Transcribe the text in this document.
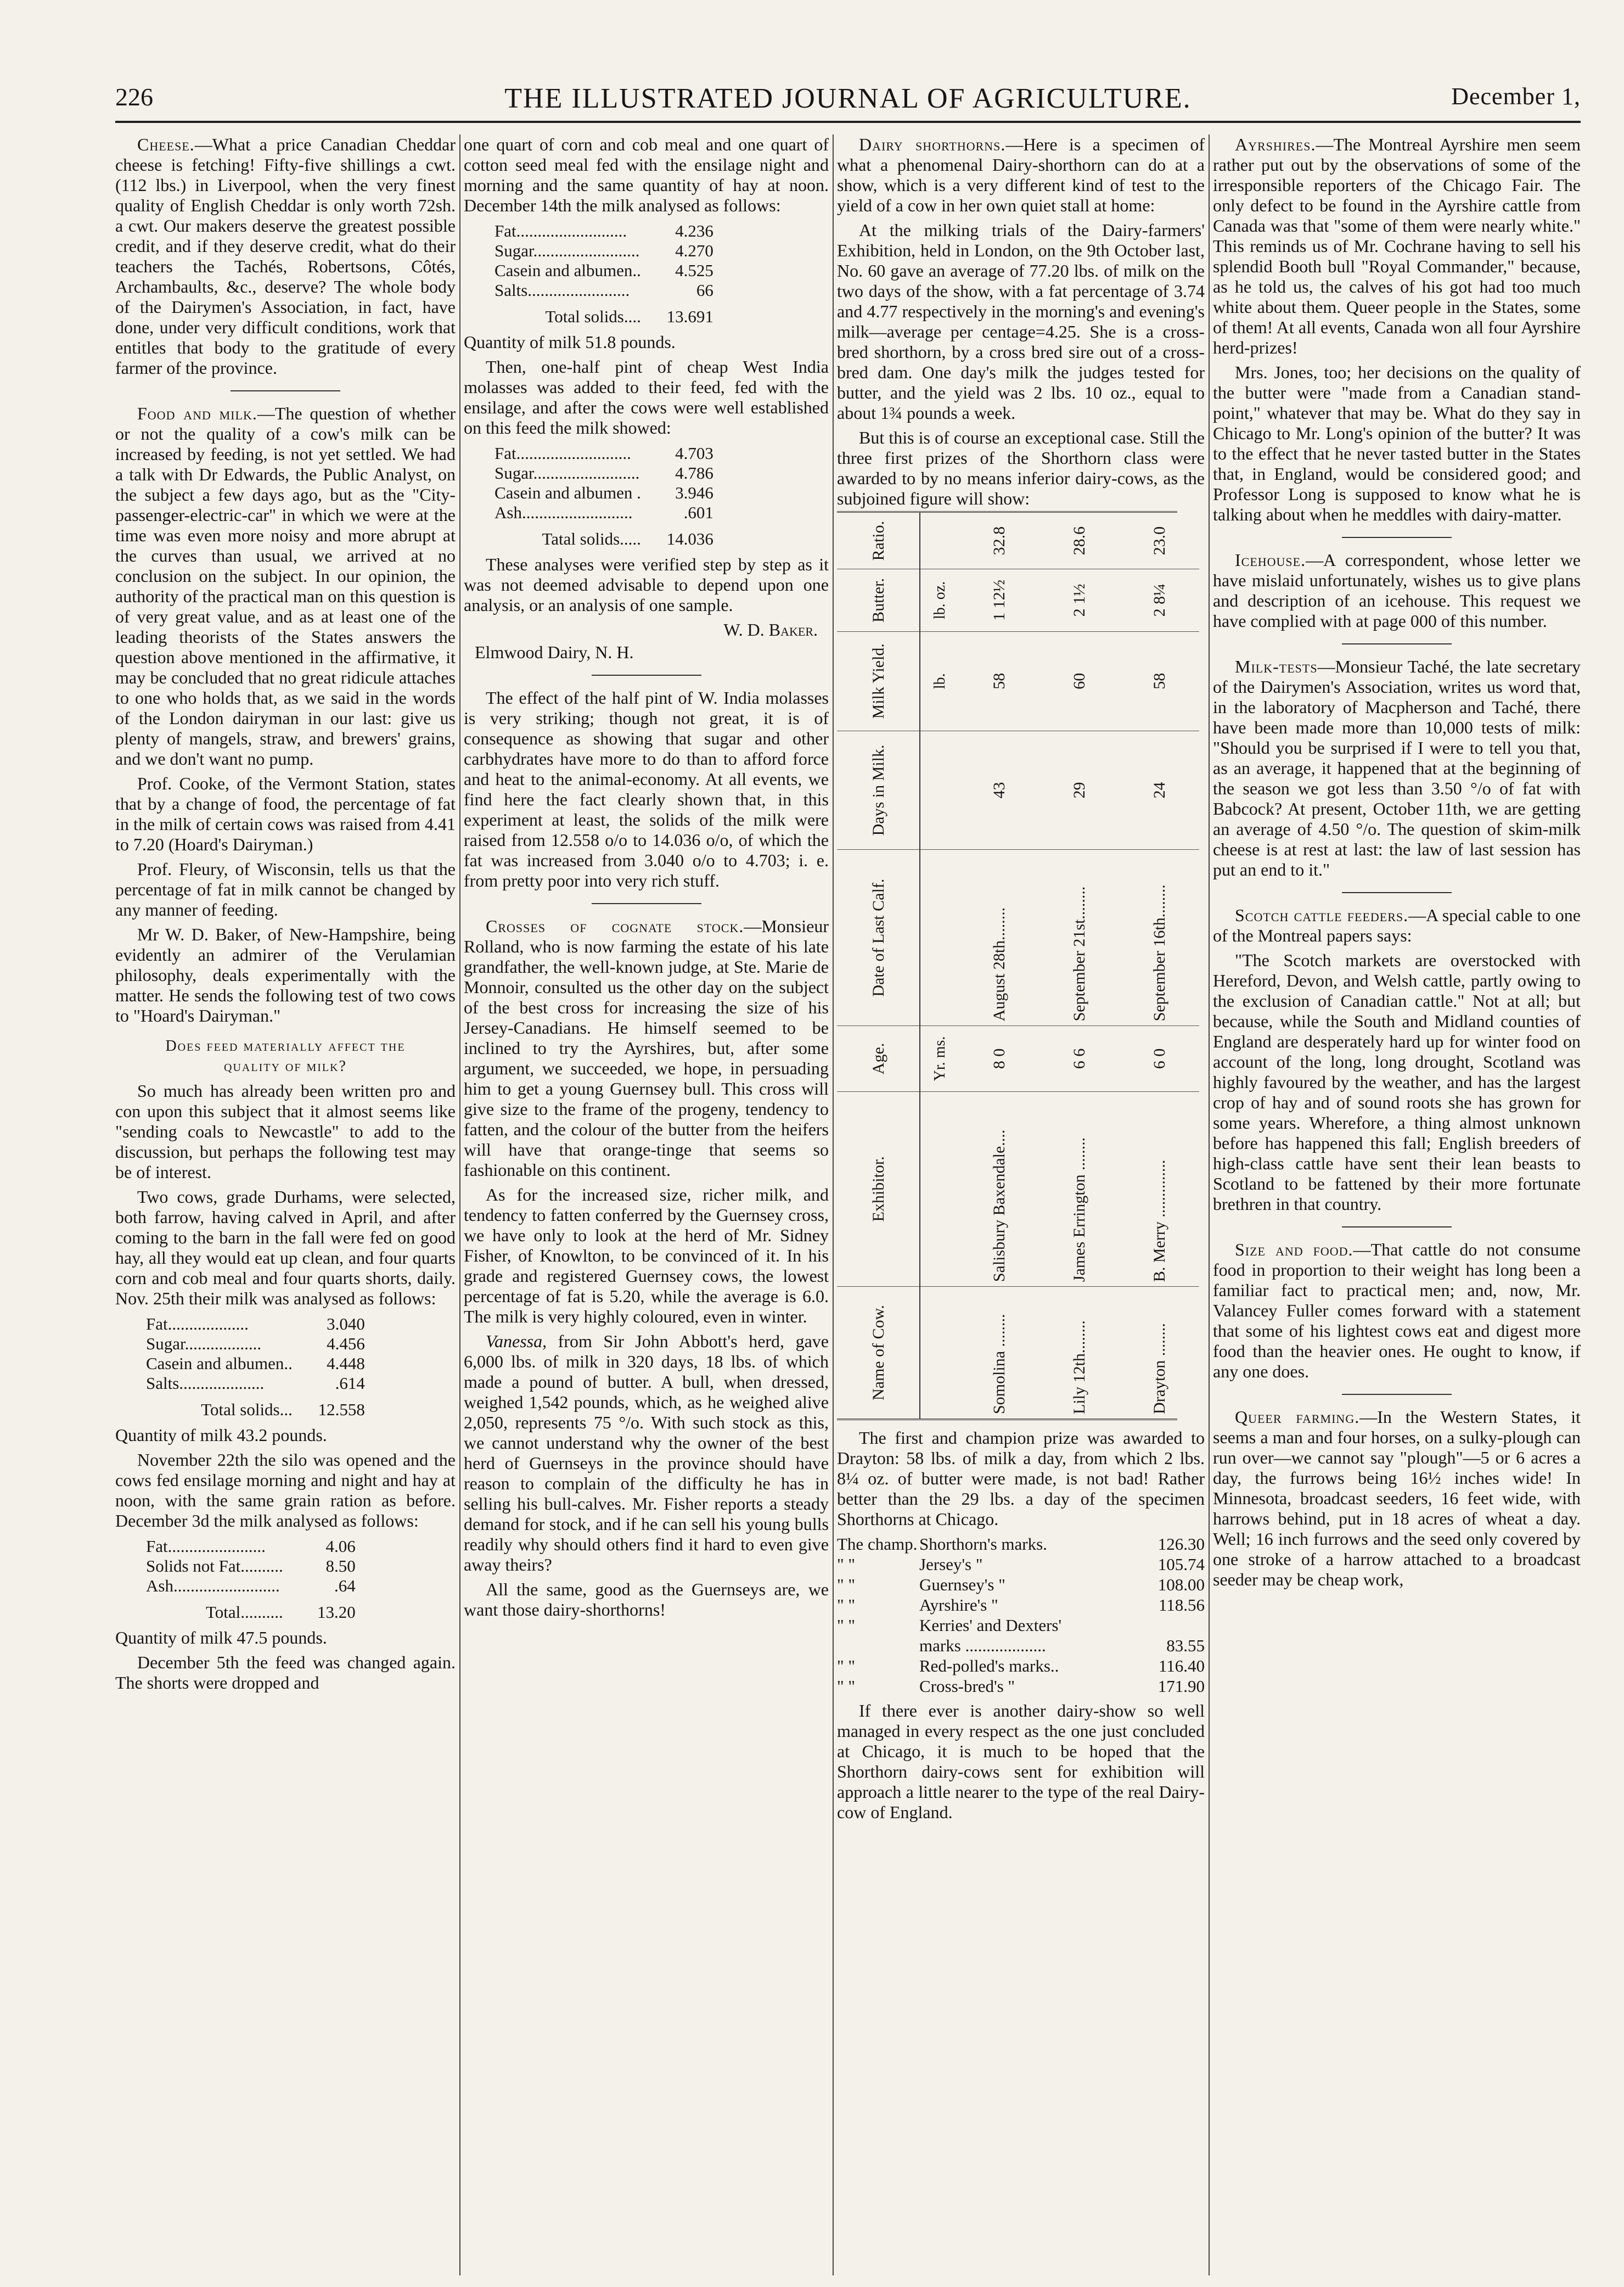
226	THE ILLUSTRATED JOURNAL OF AGRICULTURE.	December 1,

Cheese.—What a price Canadian Cheddar cheese is fetching! Fifty-five shillings a cwt. (112 lbs.) in Liverpool, when the very finest quality of English Cheddar is only worth 72sh. a cwt. Our makers deserve the greatest possible credit, and if they deserve credit, what do their teachers the Tachés, Robertsons, Côtés, Archambaults, &c., deserve? The whole body of the Dairymen's Association, in fact, have done, under very difficult conditions, work that entitles that body to the gratitude of every farmer of the province.

Food and milk.—The question of whether or not the quality of a cow's milk can be increased by feeding, is not yet settled. We had a talk with Dr Edwards, the Public Analyst, on the subject a few days ago, but as the "City-passenger-electric-car" in which we were at the time was even more noisy and more abrupt at the curves than usual, we arrived at no conclusion on the subject. In our opinion, the authority of the practical man on this question is of very great value, and as at least one of the leading theorists of the States answers the question above mentioned in the affirmative, it may be concluded that no great ridicule attaches to one who holds that, as we said in the words of the London dairyman in our last: give us plenty of mangels, straw, and brewers' grains, and we don't want no pump.

Prof. Cooke, of the Vermont Station, states that by a change of food, the percentage of fat in the milk of certain cows was raised from 4.41 to 7.20 (Hoard's Dairyman.)

Prof. Fleury, of Wisconsin, tells us that the percentage of fat in milk cannot be changed by any manner of feeding.

Mr W. D. Baker, of New-Hampshire, being evidently an admirer of the Verulamian philosophy, deals experimentally with the matter. He sends the following test of two cows to "Hoard's Dairyman."

Does feed materially affect the
quality of milk?

So much has already been written pro and con upon this subject that it almost seems like "sending coals to Newcastle" to add to the discussion, but perhaps the following test may be of interest.

Two cows, grade Durhams, were selected, both farrow, having calved in April, and after coming to the barn in the fall were fed on good hay, all they would eat up clean, and four quarts corn and cob meal and four quarts shorts, daily. Nov. 25th their milk was analysed as follows:

Fat...................	3.040
Sugar..................	4.456
Casein and albumen..	4.448
Salts....................	.614
Total solids...	12.558

Quantity of milk 43.2 pounds.

November 22th the silo was opened and the cows fed ensilage morning and night and hay at noon, with the same grain ration as before. December 3d the milk analysed as follows:

Fat.......................	4.06
Solids not Fat..........	8.50
Ash.........................	.64
Total..........	13.20

Quantity of milk 47.5 pounds.

December 5th the feed was changed again. The shorts were dropped and

one quart of corn and cob meal and one quart of cotton seed meal fed with the ensilage night and morning and the same quantity of hay at noon. December 14th the milk analysed as follows:

Fat..........................	4.236
Sugar.........................	4.270
Casein and albumen..	4.525
Salts........................	66
Total solids....	13.691

Quantity of milk 51.8 pounds.

Then, one-half pint of cheap West India molasses was added to their feed, fed with the ensilage, and after the cows were well established on this feed the milk showed:

Fat...........................	4.703
Sugar.........................	4.786
Casein and albumen .	3.946
Ash..........................	.601
Tatal solids.....	14.036

These analyses were verified step by step as it was not deemed advisable to depend upon one analysis, or an analysis of one sample.

W. D. Baker.

Elmwood Dairy, N. H.

The effect of the half pint of W. India molasses is very striking; though not great, it is of consequence as showing that sugar and other carbhydrates have more to do than to afford force and heat to the animal-economy. At all events, we find here the fact clearly shown that, in this experiment at least, the solids of the milk were raised from 12.558 o/o to 14.036 o/o, of which the fat was increased from 3.040 o/o to 4.703; i. e. from pretty poor into very rich stuff.

Crosses of cognate stock.—Monsieur Rolland, who is now farming the estate of his late grandfather, the well-known judge, at Ste. Marie de Monnoir, consulted us the other day on the subject of the best cross for increasing the size of his Jersey-Canadians. He himself seemed to be inclined to try the Ayrshires, but, after some argument, we succeeded, we hope, in persuading him to get a young Guernsey bull. This cross will give size to the frame of the progeny, tendency to fatten, and the colour of the butter from the heifers will have that orange-tinge that seems so fashionable on this continent.

As for the increased size, richer milk, and tendency to fatten conferred by the Guernsey cross, we have only to look at the herd of Mr. Sidney Fisher, of Knowlton, to be convinced of it. In his grade and registered Guernsey cows, the lowest percentage of fat is 5.20, while the average is 6.0. The milk is very highly coloured, even in winter.

Vanessa, from Sir John Abbott's herd, gave 6,000 lbs. of milk in 320 days, 18 lbs. of which made a pound of butter. A bull, when dressed, weighed 1,542 pounds, which, as he weighed alive 2,050, represents 75 °/o. With such stock as this, we cannot understand why the owner of the best herd of Guernseys in the province should have reason to complain of the difficulty he has in selling his bull-calves. Mr. Fisher reports a steady demand for stock, and if he can sell his young bulls readily why should others find it hard to even give away theirs?

All the same, good as the Guernseys are, we want those dairy-shorthorns!

Dairy shorthorns.—Here is a specimen of what a phenomenal Dairy-shorthorn can do at a show, which is a very different kind of test to the yield of a cow in her own quiet stall at home:

At the milking trials of the Dairy-farmers' Exhibition, held in London, on the 9th October last, No. 60 gave an average of 77.20 lbs. of milk on the two days of the show, with a fat percentage of 3.74 and 4.77 respectively in the morning's and evening's milk—average per centage=4.25. She is a cross-bred shorthorn, by a cross bred sire out of a cross-bred dam. One day's milk the judges tested for butter, and the yield was 2 lbs. 10 oz., equal to about 1¾ pounds a week.

But this is of course an exceptional case. Still the three first prizes of the Shorthorn class were awarded to by no means inferior dairy-cows, as the subjoined figure will show:

Name of Cow.	Exhibitor.	Age.	Date of Last Calf.	Days in Milk.	Milk Yield.	Butter.	Ratio.
		Yr. ms.			lb.	lb. oz.	
Somolina ........	Salisbury Baxendale....	8 0	August 28th........	43	58	1 12½	32.8
Lily 12th........	James Errington ........	6 6	September 21st........	29	60	2 1½	28.6
Drayton ........	B. Merry ..............	6 0	September 16th........	24	58	2 8¼	23.0

The first and champion prize was awarded to Drayton: 58 lbs. of milk a day, from which 2 lbs. 8¼ oz. of butter were made, is not bad! Rather better than the 29 lbs. a day of the specimen Shorthorns at Chicago.

The champ. Shorthorn's marks.	126.30
" "	Jersey's "	105.74
" "	Guernsey's "	108.00
" "	Ayrshire's "	118.56
" "	Kerries' and Dexters'
marks ...................	83.55
" "	Red-polled's marks..	116.40
" "	Cross-bred's "	171.90

If there ever is another dairy-show so well managed in every respect as the one just concluded at Chicago, it is much to be hoped that the Shorthorn dairy-cows sent for exhibition will approach a little nearer to the type of the real Dairy-cow of England.

Ayrshires.—The Montreal Ayrshire men seem rather put out by the observations of some of the irresponsible reporters of the Chicago Fair. The only defect to be found in the Ayrshire cattle from Canada was that "some of them were nearly white." This reminds us of Mr. Cochrane having to sell his splendid Booth bull "Royal Commander," because, as he told us, the calves of his got had too much white about them. Queer people in the States, some of them! At all events, Canada won all four Ayrshire herd-prizes!

Mrs. Jones, too; her decisions on the quality of the butter were "made from a Canadian stand-point," whatever that may be. What do they say in Chicago to Mr. Long's opinion of the butter? It was to the effect that he never tasted butter in the States that, in England, would be considered good; and Professor Long is supposed to know what he is talking about when he meddles with dairy-matter.

Icehouse.—A correspondent, whose letter we have mislaid unfortunately, wishes us to give plans and description of an icehouse. This request we have complied with at page 000 of this number.

Milk-tests—Monsieur Taché, the late secretary of the Dairymen's Association, writes us word that, in the laboratory of Macpherson and Taché, there have been made more than 10,000 tests of milk: "Should you be surprised if I were to tell you that, as an average, it happened that at the beginning of the season we got less than 3.50 °/o of fat with Babcock? At present, October 11th, we are getting an average of 4.50 °/o. The question of skim-milk cheese is at rest at last: the law of last session has put an end to it."

Scotch cattle feeders.—A special cable to one of the Montreal papers says:

"The Scotch markets are overstocked with Hereford, Devon, and Welsh cattle, partly owing to the exclusion of Canadian cattle." Not at all; but because, while the South and Midland counties of England are desperately hard up for winter food on account of the long, long drought, Scotland was highly favoured by the weather, and has the largest crop of hay and of sound roots she has grown for some years. Wherefore, a thing almost unknown before has happened this fall; English breeders of high-class cattle have sent their lean beasts to Scotland to be fattened by their more fortunate brethren in that country.

Size and food.—That cattle do not consume food in proportion to their weight has long been a familiar fact to practical men; and, now, Mr. Valancey Fuller comes forward with a statement that some of his lightest cows eat and digest more food than the heavier ones. He ought to know, if any one does.

Queer farming.—In the Western States, it seems a man and four horses, on a sulky-plough can run over—we cannot say "plough"—5 or 6 acres a day, the furrows being 16½ inches wide! In Minnesota, broadcast seeders, 16 feet wide, with harrows behind, put in 18 acres of wheat a day. Well; 16 inch furrows and the seed only covered by one stroke of a harrow attached to a broadcast seeder may be cheap work,
